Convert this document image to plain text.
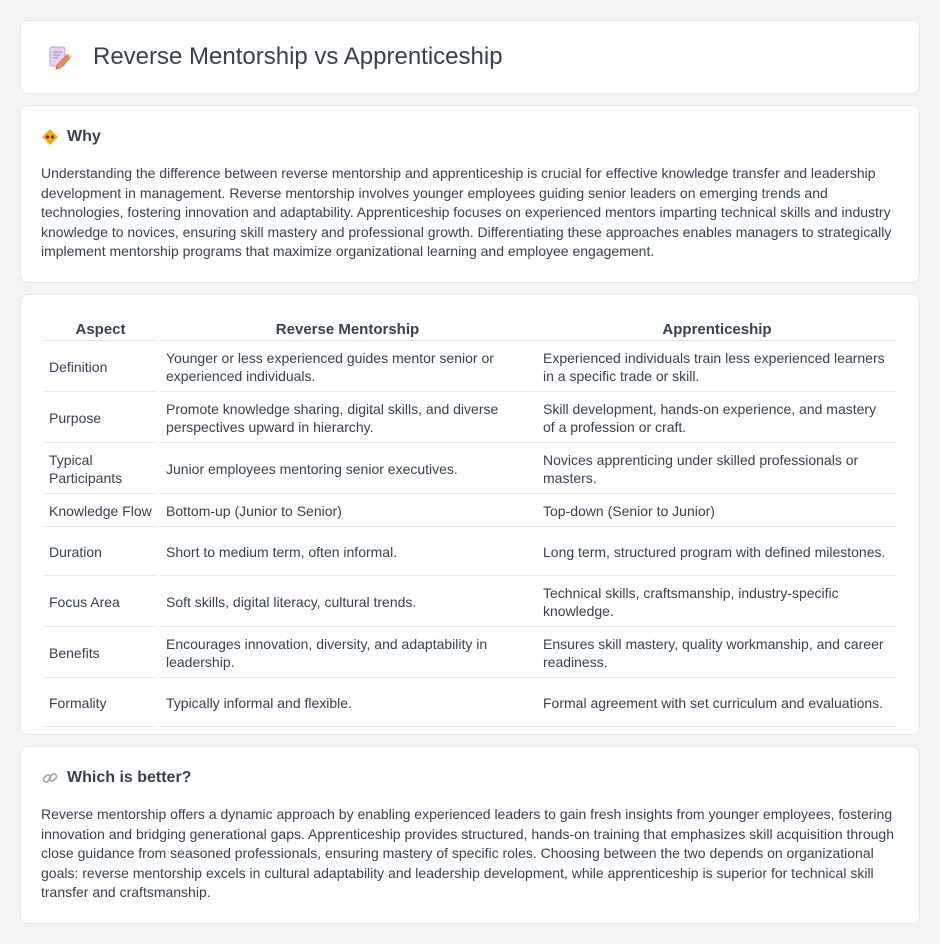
Reverse Mentorship vs Apprenticeship
Why

Understanding the difference between reverse mentorship and apprenticeship is crucial for effective knowledge transfer and leadership development in management. Reverse mentorship involves younger employees guiding senior leaders on emerging trends and technologies, fostering innovation and adaptability. Apprenticeship focuses on experienced mentors imparting technical skills and industry knowledge to novices, ensuring skill mastery and professional growth. Differentiating these approaches enables managers to strategically implement mentorship programs that maximize organizational learning and employee engagement.

Aspect	Reverse Mentorship	Apprenticeship
Definition	Younger or less experienced guides mentor senior or experienced individuals.	Experienced individuals train less experienced learners in a specific trade or skill.
Purpose	Promote knowledge sharing, digital skills, and diverse perspectives upward in hierarchy.	Skill development, hands-on experience, and mastery of a profession or craft.
Typical Participants	Junior employees mentoring senior executives.	Novices apprenticing under skilled professionals or masters.
Knowledge Flow	Bottom-up (Junior to Senior)	Top-down (Senior to Junior)
Duration	Short to medium term, often informal.	Long term, structured program with defined milestones.
Focus Area	Soft skills, digital literacy, cultural trends.	Technical skills, craftsmanship, industry-specific knowledge.
Benefits	Encourages innovation, diversity, and adaptability in leadership.	Ensures skill mastery, quality workmanship, and career readiness.
Formality	Typically informal and flexible.	Formal agreement with set curriculum and evaluations.
Which is better?

Reverse mentorship offers a dynamic approach by enabling experienced leaders to gain fresh insights from younger employees, fostering innovation and bridging generational gaps. Apprenticeship provides structured, hands-on training that emphasizes skill acquisition through close guidance from seasoned professionals, ensuring mastery of specific roles. Choosing between the two depends on organizational goals: reverse mentorship excels in cultural adaptability and leadership development, while apprenticeship is superior for technical skill transfer and craftsmanship.
